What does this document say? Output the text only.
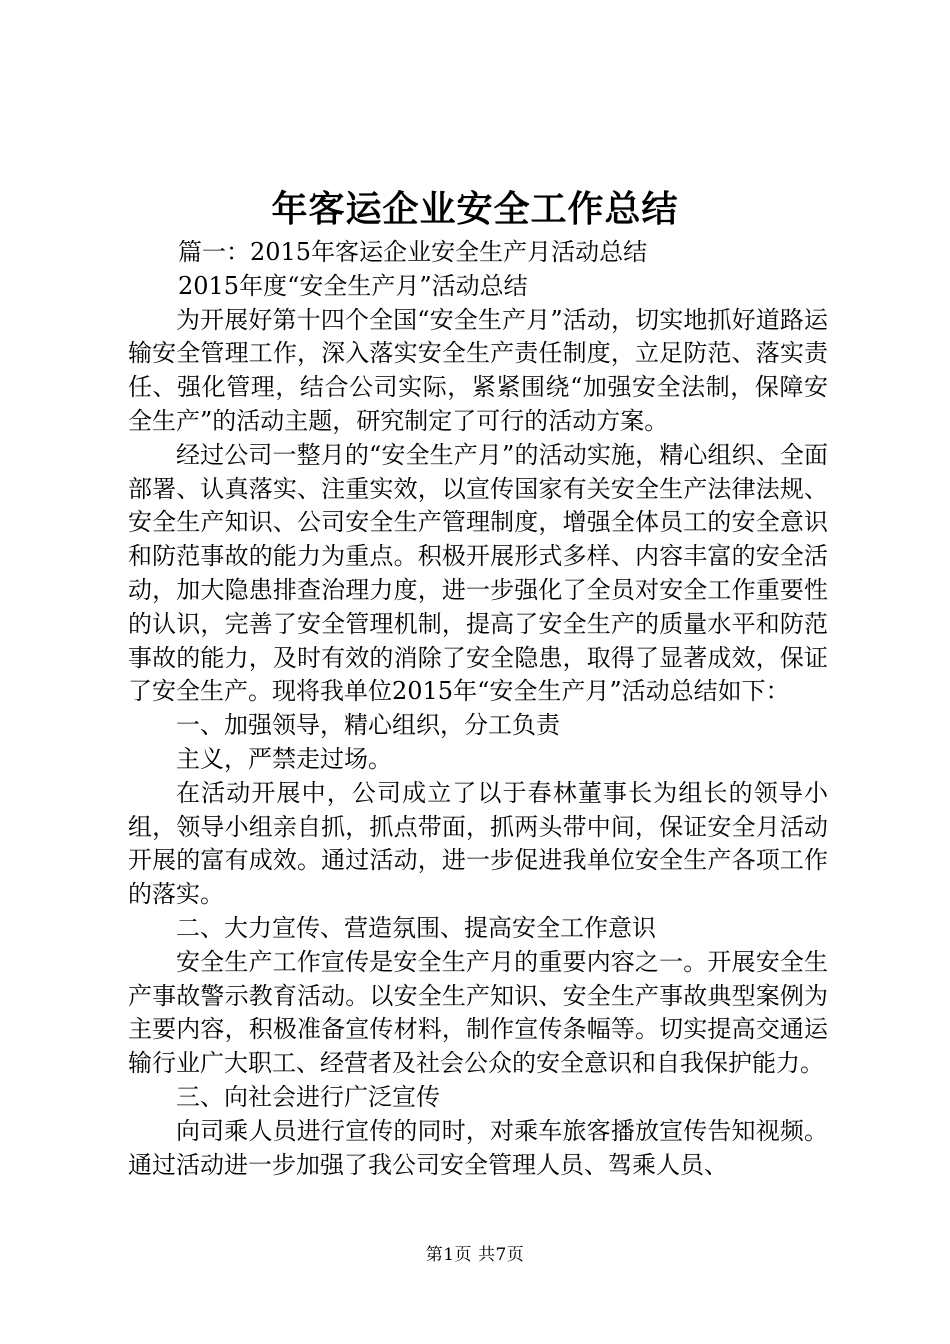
年客运企业安全工作总结

篇一：2015年客运企业安全生产月活动总结

2015年度“安全生产月”活动总结

为开展好第十四个全国“安全生产月”活动，切实地抓好道路运输安全管理工作，深入落实安全生产责任制度，立足防范、落实责任、强化管理，结合公司实际，紧紧围绕“加强安全法制，保障安全生产”的活动主题，研究制定了可行的活动方案。

经过公司一整月的“安全生产月”的活动实施，精心组织、全面部署、认真落实、注重实效，以宣传国家有关安全生产法律法规、安全生产知识、公司安全生产管理制度，增强全体员工的安全意识和防范事故的能力为重点。积极开展形式多样、内容丰富的安全活动，加大隐患排查治理力度，进一步强化了全员对安全工作重要性的认识，完善了安全管理机制，提高了安全生产的质量水平和防范事故的能力，及时有效的消除了安全隐患，取得了显著成效，保证了安全生产。现将我单位2015年“安全生产月”活动总结如下：

一、加强领导，精心组织，分工负责

主义，严禁走过场。

在活动开展中，公司成立了以于春林董事长为组长的领导小组，领导小组亲自抓，抓点带面，抓两头带中间，保证安全月活动开展的富有成效。通过活动，进一步促进我单位安全生产各项工作的落实。

二、大力宣传、营造氛围、提高安全工作意识

安全生产工作宣传是安全生产月的重要内容之一。开展安全生产事故警示教育活动。以安全生产知识、安全生产事故典型案例为主要内容，积极准备宣传材料，制作宣传条幅等。切实提高交通运输行业广大职工、经营者及社会公众的安全意识和自我保护能力。

三、向社会进行广泛宣传

向司乘人员进行宣传的同时，对乘车旅客播放宣传告知视频。通过活动进一步加强了我公司安全管理人员、驾乘人员、

第1页 共7页
